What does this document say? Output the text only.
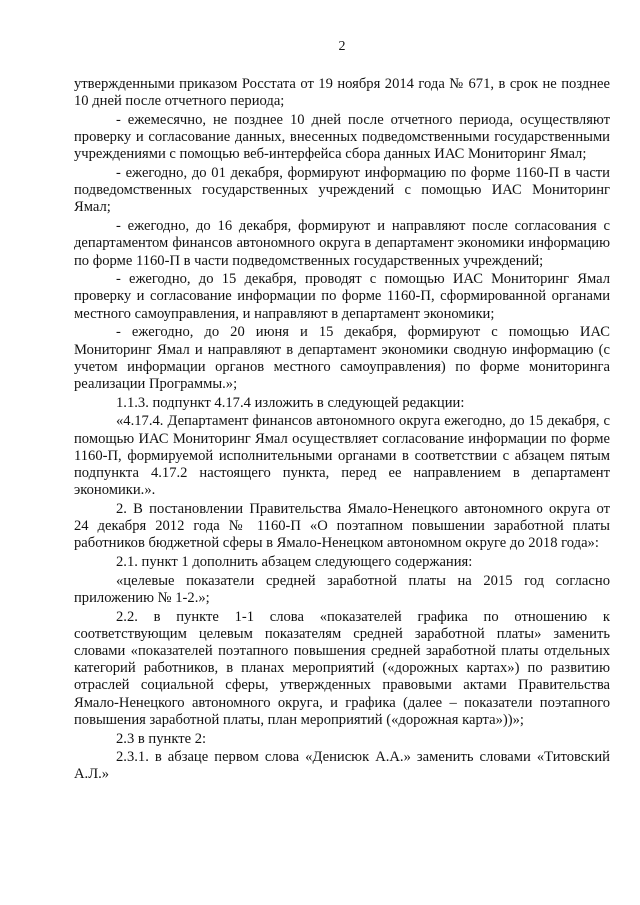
2

утвержденными приказом Росстата от 19 ноября 2014 года № 671, в срок не позднее 10 дней после отчетного периода;

- ежемесячно, не позднее 10 дней после отчетного периода, осуществляют проверку и согласование данных, внесенных подведомственными государственными учреждениями с помощью веб-интерфейса сбора данных ИАС Мониторинг Ямал;

- ежегодно, до 01 декабря, формируют информацию по форме 1160-П в части подведомственных государственных учреждений с помощью ИАС Мониторинг Ямал;

- ежегодно, до 16 декабря, формируют и направляют после согласования с департаментом финансов автономного округа в департамент экономики информацию по форме 1160-П в части подведомственных государственных учреждений;

- ежегодно, до 15 декабря, проводят с помощью ИАС Мониторинг Ямал проверку и согласование информации по форме 1160-П, сформированной органами местного самоуправления, и направляют в департамент экономики;

- ежегодно, до 20 июня и 15 декабря, формируют с помощью ИАС Мониторинг Ямал и направляют в департамент экономики сводную информацию (с учетом информации органов местного самоуправления) по форме мониторинга реализации Программы.»;

1.1.3. подпункт 4.17.4 изложить в следующей редакции:

«4.17.4. Департамент финансов автономного округа ежегодно, до 15 декабря, с помощью ИАС Мониторинг Ямал осуществляет согласование информации по форме 1160-П, формируемой исполнительными органами в соответствии с абзацем пятым подпункта 4.17.2 настоящего пункта, перед ее направлением в департамент экономики.».

2. В постановлении Правительства Ямало-Ненецкого автономного округа от 24 декабря 2012 года № 1160-П «О поэтапном повышении заработной платы работников бюджетной сферы в Ямало-Ненецком автономном округе до 2018 года»:

2.1. пункт 1 дополнить абзацем следующего содержания:

«целевые показатели средней заработной платы на 2015 год согласно приложению № 1-2.»;

2.2. в пункте 1-1 слова «показателей графика по отношению к соответствующим целевым показателям средней заработной платы» заменить словами «показателей поэтапного повышения средней заработной платы отдельных категорий работников, в планах мероприятий («дорожных картах») по развитию отраслей социальной сферы, утвержденных правовыми актами Правительства Ямало-Ненецкого автономного округа, и графика (далее – показатели поэтапного повышения заработной платы, план мероприятий («дорожная карта»))»;

2.3 в пункте 2:

2.3.1. в абзаце первом слова «Денисюк А.А.» заменить словами «Титовский А.Л.»
